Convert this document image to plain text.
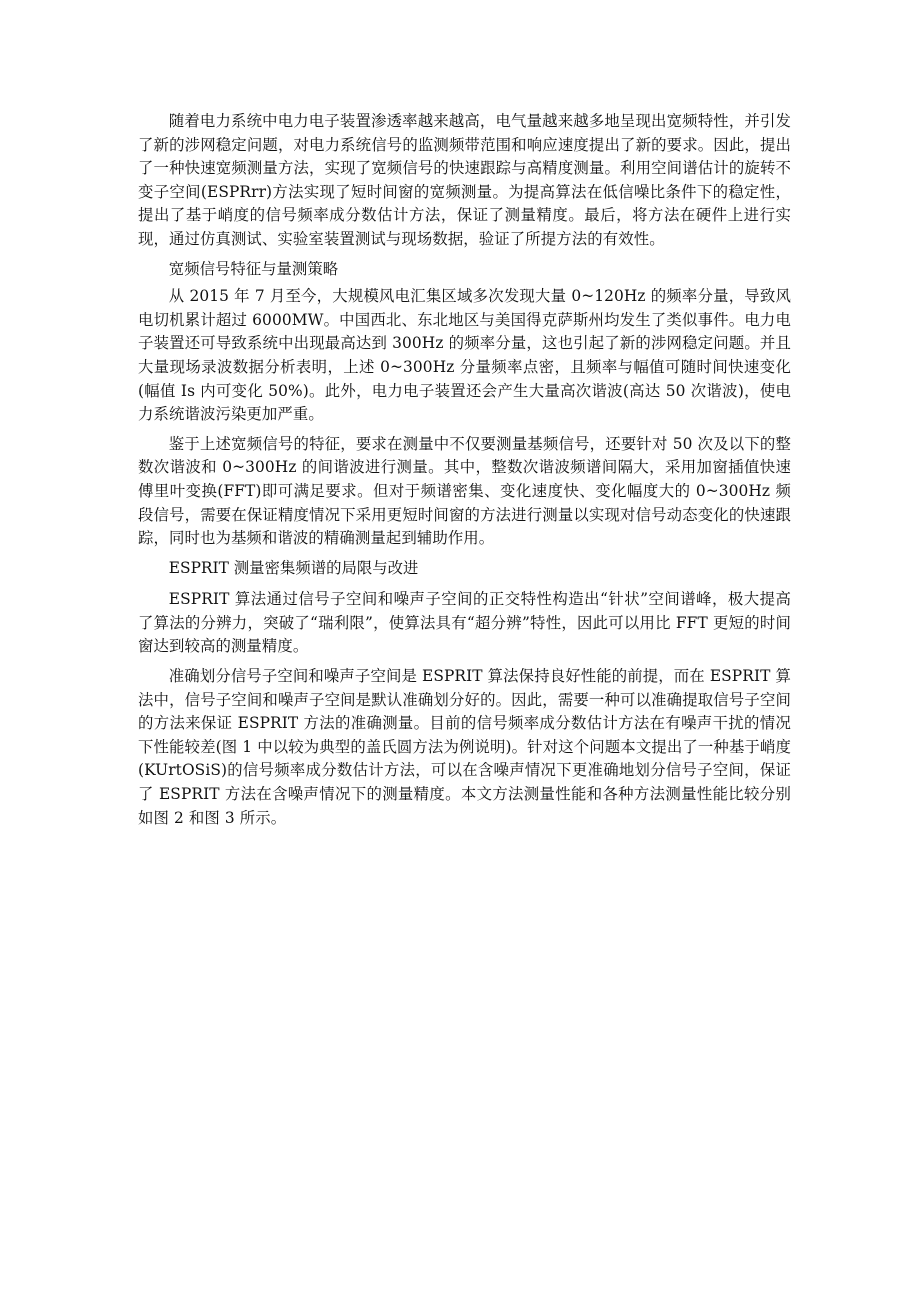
随着电力系统中电力电子装置渗透率越来越高，电气量越来越多地呈现出宽频特性，并引发了新的涉网稳定问题，对电力系统信号的监测频带范围和响应速度提出了新的要求。因此，提出了一种快速宽频测量方法，实现了宽频信号的快速跟踪与高精度测量。利用空间谱估计的旋转不变子空间(ESPRrr)方法实现了短时间窗的宽频测量。为提高算法在低信噪比条件下的稳定性，提出了基于峭度的信号频率成分数估计方法，保证了测量精度。最后，将方法在硬件上进行实现，通过仿真测试、实验室装置测试与现场数据，验证了所提方法的有效性。

宽频信号特征与量测策略

从 2015 年 7 月至今，大规模风电汇集区域多次发现大量 0~120Hz 的频率分量，导致风电切机累计超过 6000MW。中国西北、东北地区与美国得克萨斯州均发生了类似事件。电力电子装置还可导致系统中出现最高达到 300Hz 的频率分量，这也引起了新的涉网稳定问题。并且大量现场录波数据分析表明，上述 0~300Hz 分量频率点密，且频率与幅值可随时间快速变化(幅值 Is 内可变化 50%)。此外，电力电子装置还会产生大量高次谐波(高达 50 次谐波)，使电力系统谐波污染更加严重。

鉴于上述宽频信号的特征，要求在测量中不仅要测量基频信号，还要针对 50 次及以下的整数次谐波和 0~300Hz 的间谐波进行测量。其中，整数次谐波频谱间隔大，采用加窗插值快速傅里叶变换(FFT)即可满足要求。但对于频谱密集、变化速度快、变化幅度大的 0~300Hz 频段信号，需要在保证精度情况下采用更短时间窗的方法进行测量以实现对信号动态变化的快速跟踪，同时也为基频和谐波的精确测量起到辅助作用。

ESPRIT 测量密集频谱的局限与改进

ESPRIT 算法通过信号子空间和噪声子空间的正交特性构造出“针状”空间谱峰，极大提高了算法的分辨力，突破了“瑞利限”，使算法具有“超分辨”特性，因此可以用比 FFT 更短的时间窗达到较高的测量精度。

准确划分信号子空间和噪声子空间是 ESPRIT 算法保持良好性能的前提，而在 ESPRIT 算法中，信号子空间和噪声子空间是默认准确划分好的。因此，需要一种可以准确提取信号子空间的方法来保证 ESPRIT 方法的准确测量。目前的信号频率成分数估计方法在有噪声干扰的情况下性能较差(图 1 中以较为典型的盖氏圆方法为例说明)。针对这个问题本文提出了一种基于峭度(KUrtOSiS)的信号频率成分数估计方法，可以在含噪声情况下更准确地划分信号子空间，保证了 ESPRIT 方法在含噪声情况下的测量精度。本文方法测量性能和各种方法测量性能比较分别如图 2 和图 3 所示。
